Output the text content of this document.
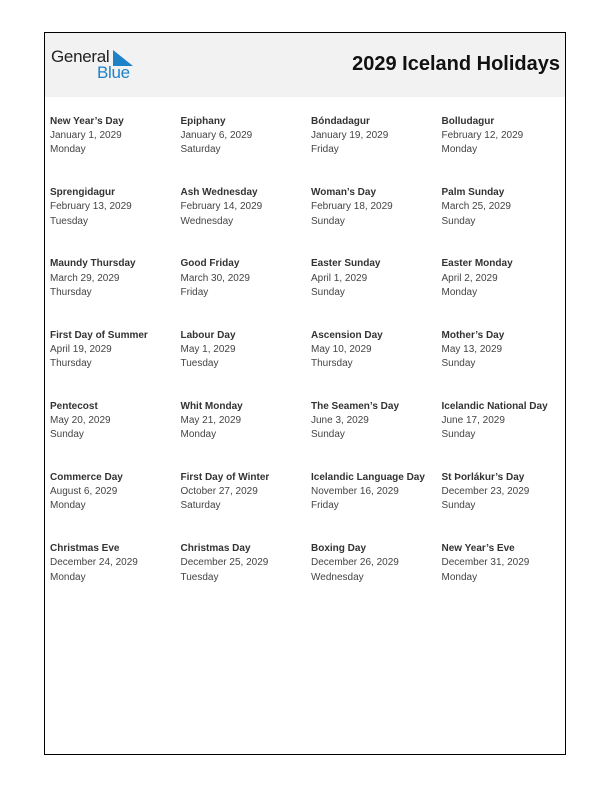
General
Blue	2029 Iceland Holidays
New Year’s Day
January 1, 2029
Monday
Epiphany
January 6, 2029
Saturday
Bóndadagur
January 19, 2029
Friday
Bolludagur
February 12, 2029
Monday
Sprengidagur
February 13, 2029
Tuesday
Ash Wednesday
February 14, 2029
Wednesday
Woman’s Day
February 18, 2029
Sunday
Palm Sunday
March 25, 2029
Sunday
Maundy Thursday
March 29, 2029
Thursday
Good Friday
March 30, 2029
Friday
Easter Sunday
April 1, 2029
Sunday
Easter Monday
April 2, 2029
Monday
First Day of Summer
April 19, 2029
Thursday
Labour Day
May 1, 2029
Tuesday
Ascension Day
May 10, 2029
Thursday
Mother’s Day
May 13, 2029
Sunday
Pentecost
May 20, 2029
Sunday
Whit Monday
May 21, 2029
Monday
The Seamen’s Day
June 3, 2029
Sunday
Icelandic National Day
June 17, 2029
Sunday
Commerce Day
August 6, 2029
Monday
First Day of Winter
October 27, 2029
Saturday
Icelandic Language Day
November 16, 2029
Friday
St Þorlákur’s Day
December 23, 2029
Sunday
Christmas Eve
December 24, 2029
Monday
Christmas Day
December 25, 2029
Tuesday
Boxing Day
December 26, 2029
Wednesday
New Year’s Eve
December 31, 2029
Monday
